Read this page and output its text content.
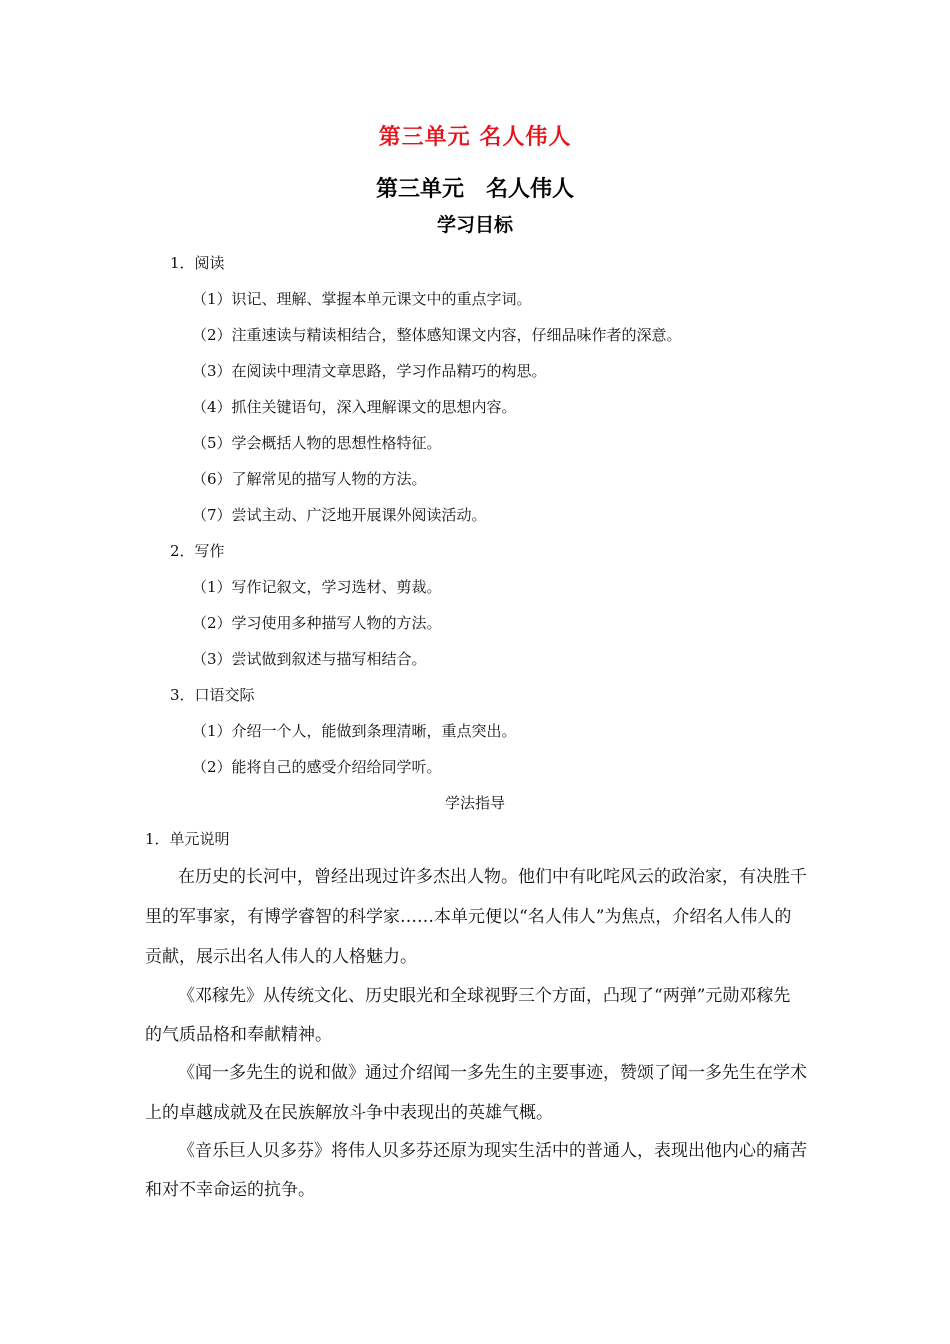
第三单元 名人伟人
第三单元　名人伟人
学习目标
1．阅读
（1）识记、理解、掌握本单元课文中的重点字词。
（2）注重速读与精读相结合，整体感知课文内容，仔细品味作者的深意。
（3）在阅读中理清文章思路，学习作品精巧的构思。
（4）抓住关键语句，深入理解课文的思想内容。
（5）学会概括人物的思想性格特征。
（6）了解常见的描写人物的方法。
（7）尝试主动、广泛地开展课外阅读活动。
2．写作
（1）写作记叙文，学习选材、剪裁。
（2）学习使用多种描写人物的方法。
（3）尝试做到叙述与描写相结合。
3．口语交际
（1）介绍一个人，能做到条理清晰，重点突出。
（2）能将自己的感受介绍给同学听。
学法指导
1．单元说明
在历史的长河中，曾经出现过许多杰出人物。他们中有叱咤风云的政治家，有决胜千
里的军事家，有博学睿智的科学家……本单元便以“名人伟人”为焦点，介绍名人伟人的
贡献，展示出名人伟人的人格魅力。
《邓稼先》从传统文化、历史眼光和全球视野三个方面，凸现了“两弹”元勋邓稼先
的气质品格和奉献精神。
《闻一多先生的说和做》通过介绍闻一多先生的主要事迹，赞颂了闻一多先生在学术
上的卓越成就及在民族解放斗争中表现出的英雄气概。
《音乐巨人贝多芬》将伟人贝多芬还原为现实生活中的普通人，表现出他内心的痛苦
和对不幸命运的抗争。
